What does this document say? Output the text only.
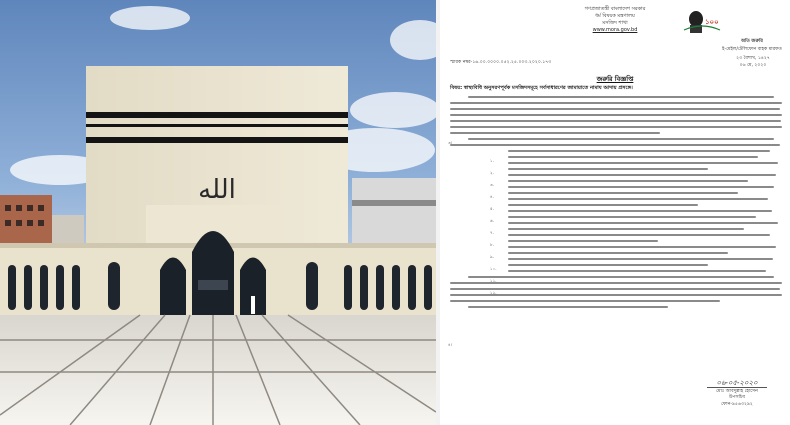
الله
গণপ্রজাতন্ত্রী বাংলাদেশ সরকার
ধর্ম বিষয়ক মন্ত্রণালয়
মসজিদ শাখা
www.mora.gov.bd
১০০
অতি জরুরি
ই-মেইল/টেলিফোন বাহক মারফত
স্মারক নম্বর-১৬.০০.০০০০.০৫২.২৫.০০৩.২০২০.১৭৩
২৩ বৈশাখ, ১৪২৭
০৬ মে, ২০২০
জরুরি বিজ্ঞপ্তি
বিষয়: স্বাস্থ্যবিধি অনুসরণপূর্বক মসজিদসমূহে সর্বসাধারণের জামায়াতে নামায আদায় প্রসঙ্গে।
৩।
১.
২.
৩.
৪.
৫.
৬.
৭.
৮.
৯.
১০.
১১.
১২.
৪।
০৬-০৫-২০২০
মোঃ আবদুল্লাহ হোসেন
উপসচিব
ফোন-৯৫৬৩২৯২
